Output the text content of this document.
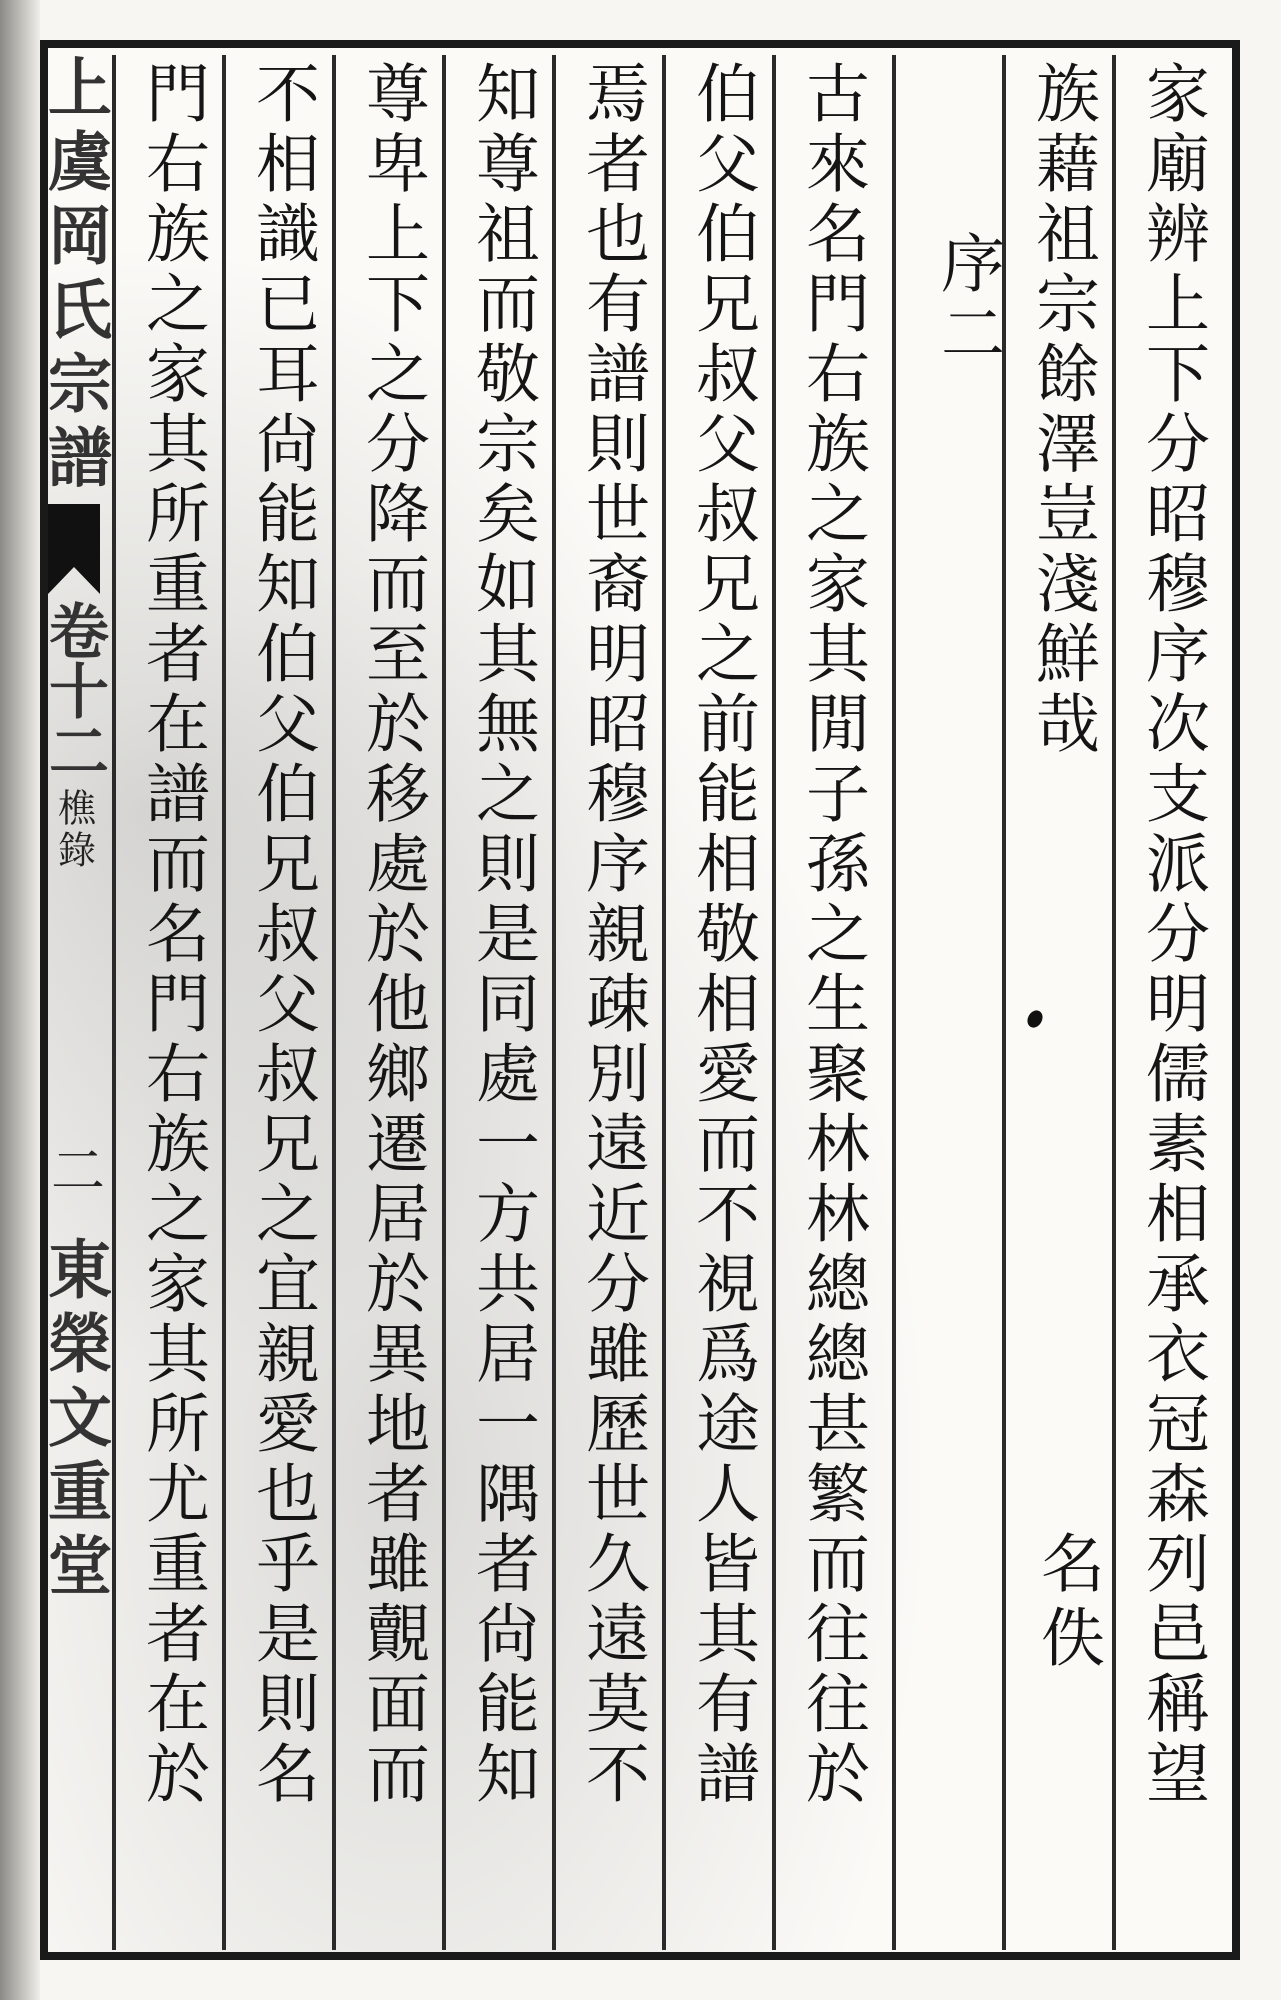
上虞岡氏宗譜
卷十二
樵錄
二
東榮文重堂	家廟辨上下分昭穆序次支派分明儒素相承衣冠森列邑稱望
族藉祖宗餘澤豈淺鮮哉
序二
名佚
古來名門右族之家其閒子孫之生聚林林總總甚繁而往往於
伯父伯兄叔父叔兄之前能相敬相愛而不視爲途人皆其有譜
焉者也有譜則世裔明昭穆序親疎別遠近分雖歷世久遠莫不
知尊祖而敬宗矣如其無之則是同處一方共居一隅者尙能知
尊卑上下之分降而至於移處於他鄉遷居於異地者雖覿面而
不相識已耳尙能知伯父伯兄叔父叔兄之宜親愛也乎是則名
門右族之家其所重者在譜而名門右族之家其所尤重者在於
